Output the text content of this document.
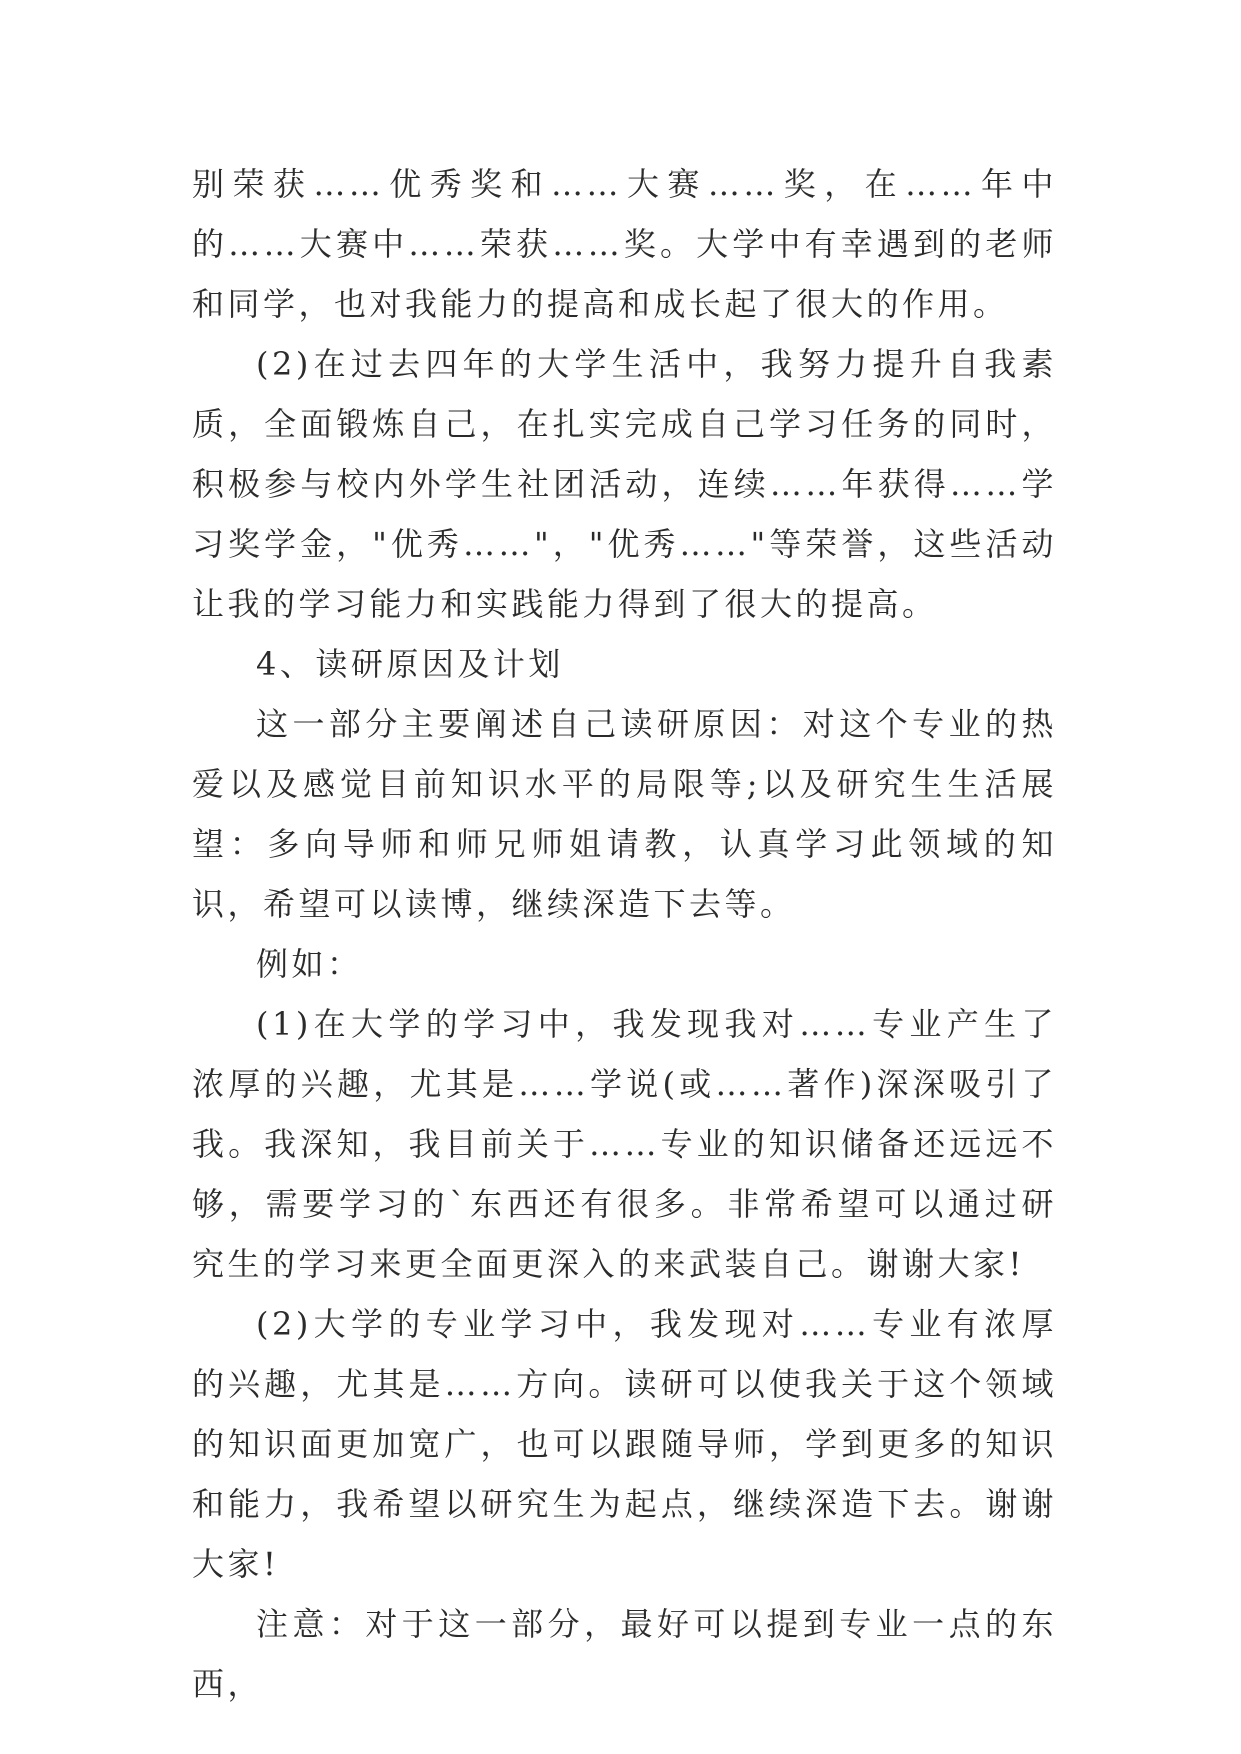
别荣获……优秀奖和……大赛……奖，在……年中的……大赛中……荣获……奖。大学中有幸遇到的老师和同学，也对我能力的提高和成长起了很大的作用。

(2)在过去四年的大学生活中，我努力提升自我素质，全面锻炼自己，在扎实完成自己学习任务的同时，积极参与校内外学生社团活动，连续……年获得……学习奖学金，"优秀……"，"优秀……"等荣誉，这些活动让我的学习能力和实践能力得到了很大的提高。

4、读研原因及计划

这一部分主要阐述自己读研原因：对这个专业的热爱以及感觉目前知识水平的局限等;以及研究生生活展望：多向导师和师兄师姐请教，认真学习此领域的知识，希望可以读博，继续深造下去等。

例如：

(1)在大学的学习中，我发现我对……专业产生了浓厚的兴趣，尤其是……学说(或……著作)深深吸引了我。我深知，我目前关于……专业的知识储备还远远不够，需要学习的`东西还有很多。非常希望可以通过研究生的学习来更全面更深入的来武装自己。谢谢大家!

(2)大学的专业学习中，我发现对……专业有浓厚的兴趣，尤其是……方向。读研可以使我关于这个领域的知识面更加宽广，也可以跟随导师，学到更多的知识和能力，我希望以研究生为起点，继续深造下去。谢谢大家!

注意：对于这一部分，最好可以提到专业一点的东西，
